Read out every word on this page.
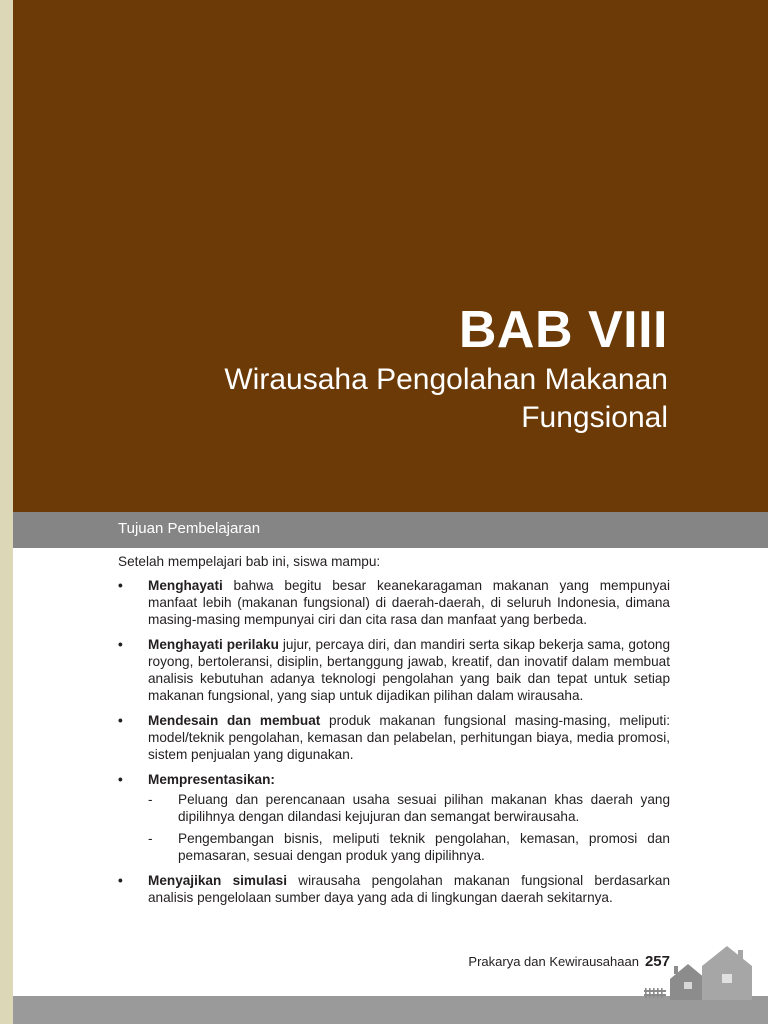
BAB VIII
Wirausaha Pengolahan Makanan
Fungsional
Tujuan Pembelajaran

Setelah mempelajari bab ini, siswa mampu:

• Menghayati bahwa begitu besar keanekaragaman makanan yang mempunyai manfaat lebih (makanan fungsional) di daerah-daerah, di seluruh Indonesia, dimana masing-masing mempunyai ciri dan cita rasa dan manfaat yang berbeda.
• Menghayati perilaku jujur, percaya diri, dan mandiri serta sikap bekerja sama, gotong royong, bertoleransi, disiplin, bertanggung jawab, kreatif, dan inovatif dalam membuat analisis kebutuhan adanya teknologi pengolahan yang baik dan tepat untuk setiap makanan fungsional, yang siap untuk dijadikan pilihan dalam wirausaha.
• Mendesain dan membuat produk makanan fungsional masing-masing, meliputi: model/teknik pengolahan, kemasan dan pelabelan, perhitungan biaya, media promosi, sistem penjualan yang digunakan.
• Mempresentasikan:
- Peluang dan perencanaan usaha sesuai pilihan makanan khas daerah yang dipilihnya dengan dilandasi kejujuran dan semangat berwirausaha.
- Pengembangan bisnis, meliputi teknik pengolahan, kemasan, promosi dan pemasaran, sesuai dengan produk yang dipilihnya.
• Menyajikan simulasi wirausaha pengolahan makanan fungsional berdasarkan analisis pengelolaan sumber daya yang ada di lingkungan daerah sekitarnya.
Prakarya dan Kewirausahaan 257
